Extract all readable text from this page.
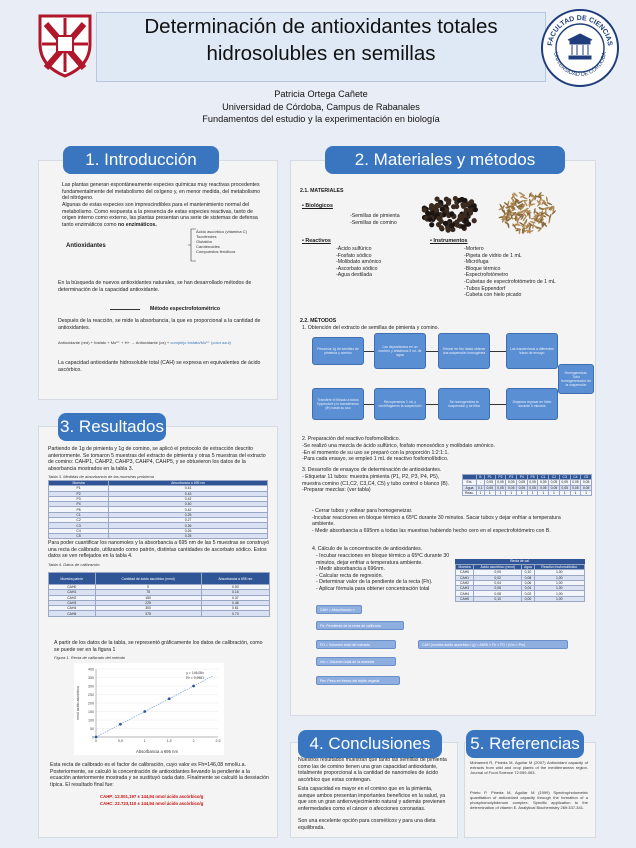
Determinación de antioxidantes totales
hidrosolubles en semillas	FACULTAD DE CIENCIAS
UNIVERSIDAD DE CÓRDOBA
Patricia Ortega Cañete
Universidad de Córdoba, Campus de Rabanales
Fundamentos del estudio y la experimentación en biología
1. Introducción
Las plantas generan espontáneamente especies químicas muy reactivas procedentes fundamentalmente del metabolismo del oxígeno y, en menor medida, del metabolismo del nitrógeno.
Algunas de estas especies son imprescindibles para el mantenimiento normal del metabolismo. Como respuesta a la presencia de estas especies reactivas, tanto de origen interno como externo, las plantas presentan una serie de sistemas de defensa tanto enzimáticos como no enzimáticos.
Antioxidantes
Ácido ascórbico (vitamina C)
Tocoferoles
Glutatión
Carotenoides
Compuestos fenólicos
En la búsqueda de nuevos antioxidantes naturales, se han desarrollado métodos de determinación de la capacidad antioxidante.
Método espectrofotométrico
Después de la reacción, se mide la absorbancia, la que es proporcional a la cantidad de antioxidantes.
Antioxidante (red) + fosfato + Mo⁶⁺ + H+ → Antioxidante (ox) + complejo fosfato/Mo⁵⁺ (color azul)
La capacidad antioxidante hidrosoluble total (CAH) se expresa en equivalentes de ácido ascórbico.
3. Resultados
Partiendo de 1g de pimienta y 1g de comino, se aplicó el protocolo de extracción descrito anteriormente. Se tomaron 5 muestras del extracto de pimienta y otras 5 muestras del extracto de comino: CAHP1, CAHP2, CAHP3, CAHP4, CAHP5, y se obtuvieron los datos de la absorbancia mostrados en la tabla 3.
Tabla 3. Medidas de absorbancia de las muestras problema
Muestra	Absorbancia a 695 nm
P1	0.41
P2	0.43
P3	0.42
P4	0.40
P5	0.42
C1	0.25
C2	0.27
C3	0.26
C4	0.26
C5	0.25
Para poder cuantificar los nanomoles y la absorbancia a 695 nm de las 5 muestras se construyó una recta de calibrado, utilizando como patrón, distintas cantidades de ascorbato sódico. Estos datos se ven reflejados en la tabla 4.
Tabla 4. Datos de calibración.
Muestra patrón	Cantidad de ácido ascórbico (nmol)	Absorbancia a 695 nm
CAH0	0	0.00
CAH1	75	0.16
CAH2	150	0.37
CAH3	225	0.46
CAH4	300	0.61
CAH5	375	0.73
A partir de los datos de la tabla, se representó gráficamente los datos de calibración, como se puede ver en la figura 1
Figura 1. Recta de calibrado del método
0
50
100
150
200
250
300
350
400
0	0,5	1	1,5	2	2,5
y = 146,08x
R² = 0,9981
Absorbancia a 695 nm
nmol ácido ascórbico
Esta recta de calibrado es el factor de calibración, cuyo valor es Fh=146,08 nmol/u.a. Posteriormente, se calculó la concentración de antioxidantes llevando la pendiente a la ecuación anteriormente mostrada y se sustituyó cada dato. Finalmente se calculó la desviación típica. El resultado final fue:
CAHP: 12.001,197 ± 144,94 nmol ácido ascórbico/g
CAHC: 22.723,110 ± 144,94 nmol ácido ascórbico/g
2. Materiales y métodos
2.1. MATERIALES
• Biológicos
-Semillas de pimienta
-Semillas de comino
• Reactivos
-Ácido sulfúrico
-Fosfato sódico
-Molibdato amónico
-Ascorbato sódico
-Agua destilada
• Instrumentos
-Mortero
-Pipeta de vidrio de 1 mL
-Micrófuga
-Bloque térmico
-Espectrofotómetro
-Cubetas de espectrofotómetro de 1 mL
-Tubos Eppendorf
-Cubeta con hielo picado
2.2. MÉTODOS
1. Obtención del extracto de semillas de pimienta y comino.
Pesamos 1g de semillas de pimienta y comino
Las depositamos en un mortero y añadimos 5 mL de agua
Triturar en frío hasta obtener una suspensión homogénea
Las transferimos a diferentes tubos de ensayo
Homogeneizar, Tubo homogeneizador de la suspensión
Transferir el filtrado a tubos Eppendorf y lo transferimos (fh) hasta su uso
Recuperamos 1 mL y centrifugamos la suspensión
Se homogeneiza la suspensión y se filtra
Dejamos reposar en hielo durante 5 minutos
2. Preparación del reactivo fosfomolíbdico.
-Se realizó una mezcla de ácido sulfúrico, fosfato monosódico y molibdato amónico.
-En el momento de su uso se preparó con la proporción 1:2:1:1.
-Para cada ensayo, se empleó 1 mL de reactivo fosfomolíbdico.
3. Desarrollo de ensayos de determinación de antioxidantes.
- Etiquetar 11 tubos: muestra pimienta (P1, P2, P3, P4, P5),
muestra comino (C1,C2, C3,C4, C5) y tubo control o blanco (B).
-Preparar mezclas: (ver tabla)
	B	P1	P2	P3	P4	P5	C1	C2	C3	C4	C5
Ext.	-	0,05	0,05	0,05	0,05	0,05	0,05	0,05	0,05	0,05	0,05
Agua	0,1	0,05	0,05	0,05	0,05	0,05	0,05	0,05	0,05	0,05	0,05
Reac.	1	1	1	1	1	1	1	1	1	1	1
- Cerrar tubos y voltear para homogeneizar.
-Incubar reacciones en bloque térmico a 65ºC durante 30 minutos. Sacar tubos y dejar enfriar a temperatura ambiente.
- Medir absorbancia a 695nm a todas las muestras habiendo hecho cero en el espectrofotómetro con B.
4. Cálculo de la concentración de antioxidantes.
- Incubar reacciones en bloque térmico a 65ºC durante 30 minutos, dejar enfriar a temperatura ambiente.
- Medir absorbancia a 696nm.
- Calcular recta de regresión.
- Determinar valor de la pendiente de la recta (Fh).
- Aplicar fórmula para obtener concentración total
Recta de cal.
Muestra	Ácido ascórbico (nmol)	Agua	Reactivo fosfomolíbdico
CAH0	0,00	0,10	1,00
CAH1	0,02	0,08	1,00
CAH2	0,04	0,06	1,00
CAH3	0,06	0,04	1,00
CAH4	0,08	0,02	1,00
CAH5	0,10	0,00	1,00
CAH = Absorbancia × 1/Fh ×...
Fh: Pendiente de la recta de calibrado
FD = Volumen total del extracto
Vm = Volumen total de la muestra
Pm: Peso en fresco del tejido vegetal
CAH (nmoles ácido ascórbico / g) = A695 × Fh × FD / (Vm × Pm)
4. Conclusiones
Nuestros resultados muestran que tanto las semillas de pimienta como las de comino tienen una gran capacidad antioxidante, totalmente proporcional a la cantidad de nanomoles de ácido ascórbico que estas contengan.
Esta capacidad es mayor en el comino que en la pimienta, aunque ambos presentan importantes beneficios en la salud, ya que son un gran antienvejecimiento natural y además previenen enfermedades como el cáncer o afecciones coronarias.
Son una excelente opción para cosméticos y para una dieta equilibrada.
5. Referencias
Mohamed R, Pineda M, Aguilar M (2007) Antioxidant capacity of extracts from wild and crop plants of the mediterranean region. Journal of Food Science 72:059-063.
Prieto P, Pineda M, Aguilar M (1999) Spectrophotometric quantitation of antioxidant capacity through the formation of a phosphomolybdenum complex: Specific application to the determination of vitamin E. Analytical Biochemistry 269:337-341.
